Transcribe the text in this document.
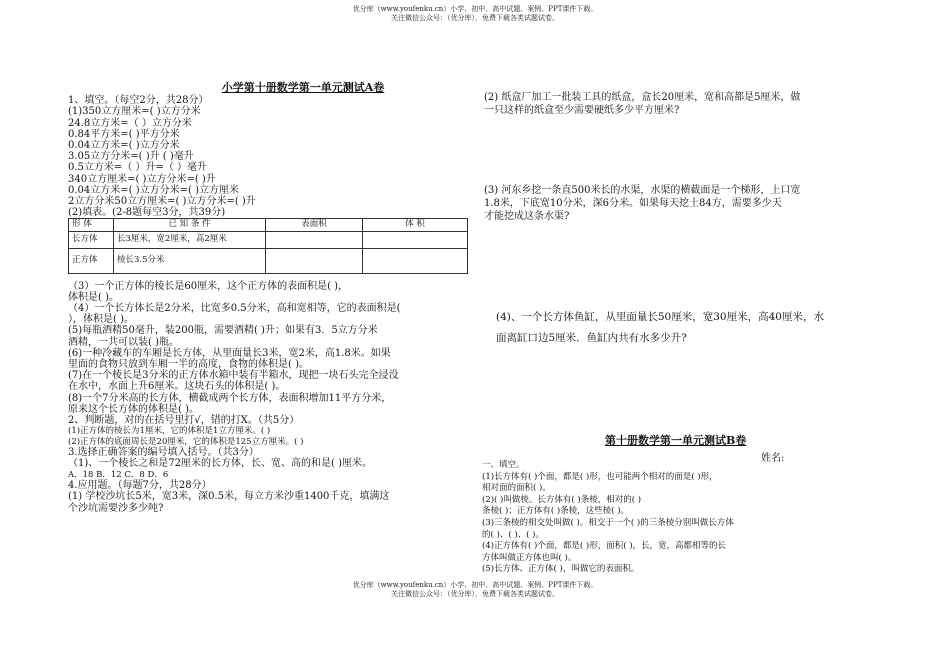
优分库（www.youfenku.cn）小学、初中、高中试题、案例、PPT课件下载。
关注微信公众号：（优分库），免费下载各类试题试卷。
小学第十册数学第一单元测试A卷
1、填空。（每空2分，共28分）
(1)350立方厘米=( )立方分米
24.8立方米=（ ）立方分米
0.84平方米=( )平方分米
0.04立方米=( )立方分米
3.05立方分米=( )升 ( )毫升
0.5立方米=（ ）升=（ ）毫升
340立方厘米=( )立方分米=( )升
0.04立方米=( )立方分米=( )立方厘米
2立方分米50立方厘米=( )立方分米=( )升
(2)填表。(2-8题每空3分，共39分)
形 体	已 知 条 件	表面积	体 积
长方体	长3厘米，宽2厘米，高2厘米		
正方体	棱长3.5分米		
（3）一个正方体的棱长是60厘米，这个正方体的表面积是( )，
体积是( )。
（4）一个长方体长是2分米，比宽多0.5分米，高和宽相等，它的表面积是(
），体积是( )。
(5)每瓶酒精50毫升，装200瓶，需要酒精( )升；如果有3．5立方分米
酒精，一共可以装( )瓶。
(6)一种冷藏车的车厢是长方体，从里面量长3米，宽2米，高1.8米。如果
里面的食物只放到车厢一半的高度，食物的体积是( )。
(7)在一个棱长是3分米的正方体水箱中装有半箱水，现把一块石头完全浸没
在水中，水面上升6厘米。这块石头的体积是( )。
(8)一个7分米高的长方体，横截成两个长方体，表面积增加11平方分米，
原来这个长方体的体积是( )。
2、判断题，对的在括号里打√，错的打X。（共5分）
(1)正方体的棱长为1厘米，它的体积是1立方厘米。( )
(2)正方体的底面周长是20厘米，它的体积是125立方厘米。( )
3.选择正确答案的编号填入括号。（共3分）
（1)、一个棱长之和是72厘米的长方体，长、宽、高的和是( )厘米。
A．18 B．12 C．8 D．6
4.应用题。（每题7分，共28分）
(1) 学校沙坑长5米，宽3米，深0.5米，每立方米沙重1400千克，填满这
个沙坑需要沙多少吨?
(2) 纸盒厂加工一批装工具的纸盒，盒长20厘米，宽和高都是5厘米，做
一只这样的纸盒至少需要硬纸多少平方厘米?
(3) 河东乡挖一条直500米长的水渠，水渠的横截面是一个梯形，上口宽
1.8米，下底宽10分米，深6分米。如果每天挖土84方，需要多少天
才能挖成这条水渠?
(4)、一个长方体鱼缸，从里面量长50厘米，宽30厘米，高40厘米，水
面离缸口边5厘米．鱼缸内共有水多少升?
第十册数学第一单元测试B卷
姓名:
一、填空。
(1)长方体有( )个面，都是( )形，也可能两个相对的面是( )形，
相对面的面积( )。
(2)( )叫做棱。长方体有( )条棱，相对的( )
条棱( )；正方体有( )条棱，这些棱( )。
(3)三条棱的相交处叫做( )。相交于一个( )的三条棱分别叫做长方体
的( )、( )、( )。
(4)正方体有( )个面，都是( )形，面积( )，长，宽，高都相等的长
方体叫做正方体也叫( )。
(5)长方体、正方体( )，叫做它的表面积。
优分库（www.youfenku.cn）小学、初中、高中试题、案例、PPT课件下载。
关注微信公众号：（优分库），免费下载各类试题试卷。
